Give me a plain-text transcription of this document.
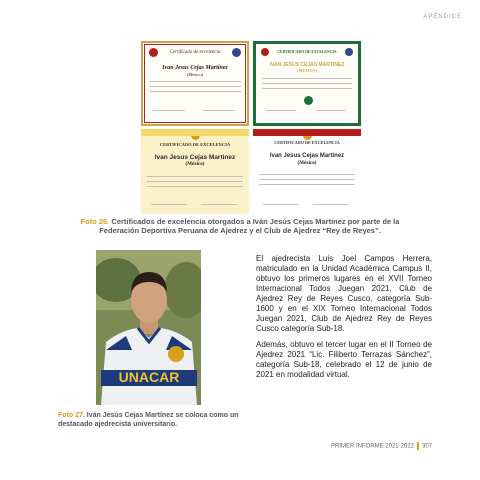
APÉNDICE
Certificado de excelencia
Ivan Jesus Cejas Martinez
(México)
CERTIFICADO DE EXCELENCIA
IVAN JESUS CEJAS MARTINEZ
(MÉXICO)
CERTIFICADO DE EXCELENCIA
Ivan Jesus Cejas Martinez
(México)
CERTIFICADO DE EXCELENCIA
Ivan Jesus Cejas Martinez
(México)
Foto 26. Certificados de excelencia otorgados a Iván Jesús Cejas Martínez por parte de la Federación Deportiva Peruana de Ajedrez y el Club de Ajedrez “Rey de Reyes”.
UNACAR

El ajedrecista Luis Joel Campos Herrera, matriculado en la Unidad Académica Campus II, obtuvo los primeros lugares en el XVII Torneo Internacional Todos Juegan 2021, Club de Ajedrez Rey de Reyes Cusco, categoría Sub-1600 y en el XIX Torneo Internacional Todos Juegan 2021, Club de Ajedrez Rey de Reyes Cusco categoría Sub-18.

Además, obtuvo el tercer lugar en el II Torneo de Ajedrez 2021 “Lic. Filiberto Terrazas Sánchez”, categoría Sub-18, celebrado el 12 de junio de 2021 en modalidad virtual.

Foto 27. Iván Jesús Cejas Martínez se coloca como un destacado ajedrecista universitario.
PRIMER INFORME 2021-2022 307
